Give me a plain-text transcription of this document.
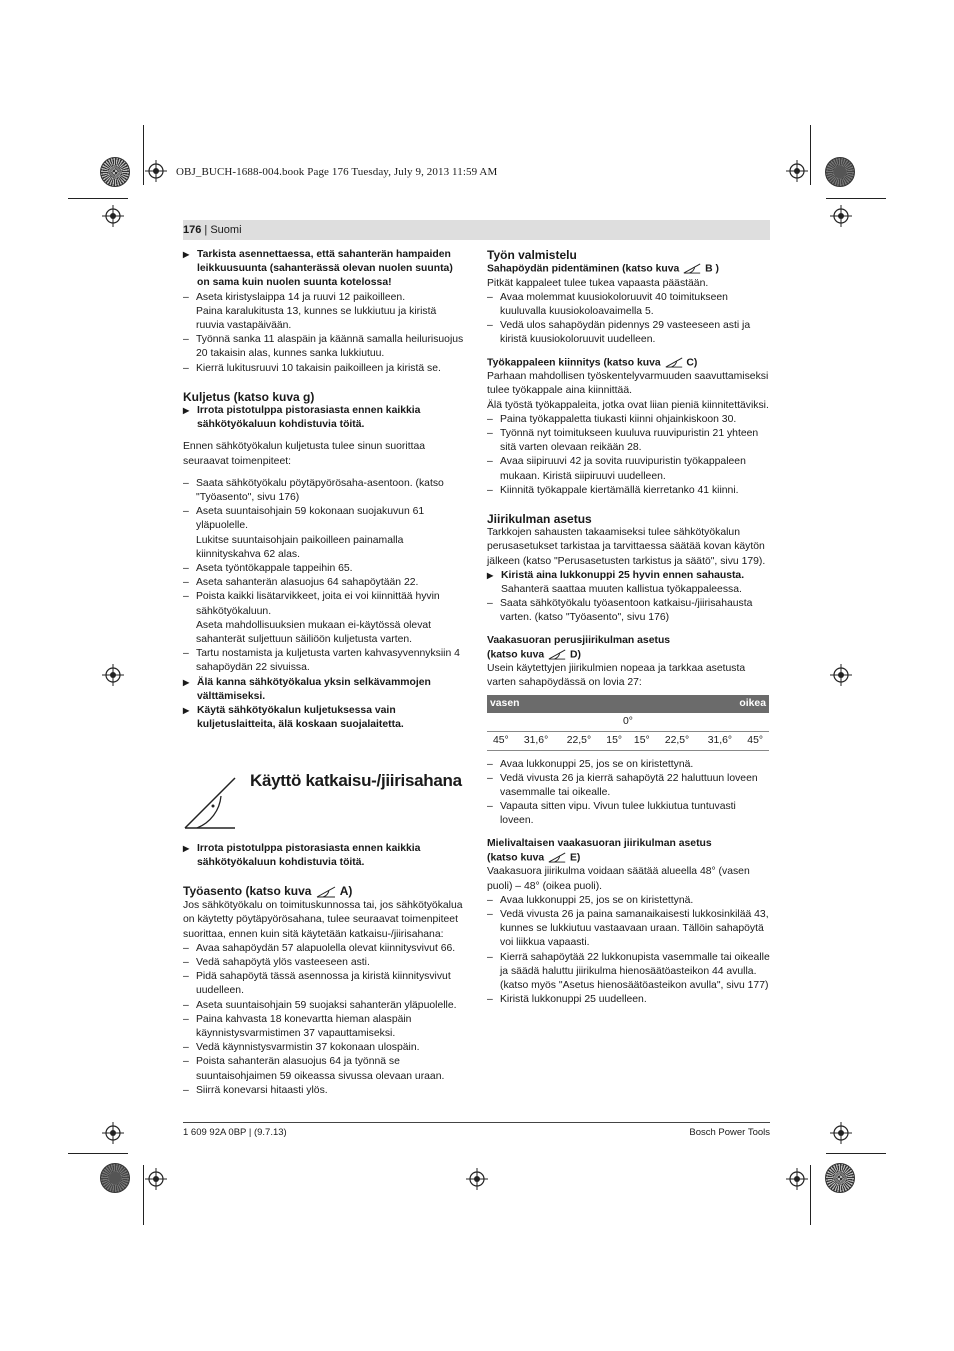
OBJ_BUCH-1688-004.book Page 176 Tuesday, July 9, 2013 11:59 AM
176 | Suomi

▶ Tarkista asennettaessa, että sahanterän hampaiden leikkuusuunta (sahanterässä olevan nuolen suunta) on sama kuin nuolen suunta kotelossa!

– Aseta kiristyslaippa 14 ja ruuvi 12 paikoilleen.

Paina karalukitusta 13, kunnes se lukkiutuu ja kiristä ruuvia vastapäivään.

– Työnnä sanka 11 alaspäin ja käännä samalla heilurisuojus 20 takaisin alas, kunnes sanka lukkiutuu.

– Kierrä lukitusruuvi 10 takaisin paikoilleen ja kiristä se.

Kuljetus (katso kuva g)

▶ Irrota pistotulppa pistorasiasta ennen kaikkia sähkötyökaluun kohdistuvia töitä.

Ennen sähkötyökalun kuljetusta tulee sinun suorittaa seuraavat toimenpiteet:

– Saata sähkötyökalu pöytäpyörösaha-asentoon. (katso "Työasento", sivu 176)

– Aseta suuntaisohjain 59 kokonaan suojakuvun 61 yläpuolelle.

Lukitse suuntaisohjain paikoilleen painamalla kiinnityskahva 62 alas.

– Aseta työntökappale tappeihin 65.

– Aseta sahanterän alasuojus 64 sahapöytään 22.

– Poista kaikki lisätarvikkeet, joita ei voi kiinnittää hyvin sähkötyökaluun.

Aseta mahdollisuuksien mukaan ei-käytössä olevat sahanterät suljettuun säiliöön kuljetusta varten.

– Tartu nostamista ja kuljetusta varten kahvasyvennyksiin 4 sahapöydän 22 sivuissa.

▶ Älä kanna sähkötyökalua yksin selkävammojen välttämiseksi.

▶ Käytä sähkötyökalun kuljetuksessa vain kuljetuslaitteita, älä koskaan suojalaitetta.

Käyttö katkaisu-/jiirisahana

▶ Irrota pistotulppa pistorasiasta ennen kaikkia sähkötyökaluun kohdistuvia töitä.

Työasento (katso kuva A)

Jos sähkötyökalu on toimituskunnossa tai, jos sähkötyökalua on käytetty pöytäpyörösahana, tulee seuraavat toimenpiteet suorittaa, ennen kuin sitä käytetään katkaisu-/jiirisahana:

– Avaa sahapöydän 57 alapuolella olevat kiinnitysvivut 66.

– Vedä sahapöytä ylös vasteeseen asti.

– Pidä sahapöytä tässä asennossa ja kiristä kiinnitysvivut uudelleen.

– Aseta suuntaisohjain 59 suojaksi sahanterän yläpuolelle.

– Paina kahvasta 18 konevartta hieman alaspäin käynnistysvarmistimen 37 vapauttamiseksi.

– Vedä käynnistysvarmistin 37 kokonaan ulospäin.

– Poista sahanterän alasuojus 64 ja työnnä se suuntaisohjaimen 59 oikeassa sivussa olevaan uraan.

– Siirrä konevarsi hitaasti ylös.

Työn valmistelu

Sahapöydän pidentäminen (katso kuva B )

Pitkät kappaleet tulee tukea vapaasta päästään.

– Avaa molemmat kuusiokoloruuvit 40 toimitukseen kuuluvalla kuusiokoloavaimella 5.

– Vedä ulos sahapöydän pidennys 29 vasteeseen asti ja kiristä kuusiokoloruuvit uudelleen.

Työkappaleen kiinnitys (katso kuva C)

Parhaan mahdollisen työskentelyvarmuuden saavuttamiseksi tulee työkappale aina kiinnittää.

Älä työstä työkappaleita, jotka ovat liian pieniä kiinnitettäviksi.

– Paina työkappaletta tiukasti kiinni ohjainkiskoon 30.

– Työnnä nyt toimitukseen kuuluva ruuvipuristin 21 yhteen sitä varten olevaan reikään 28.

– Avaa siipiruuvi 42 ja sovita ruuvipuristin työkappaleen mukaan. Kiristä siipiruuvi uudelleen.

– Kiinnitä työkappale kiertämällä kierretanko 41 kiinni.

Jiirikulman asetus

Tarkkojen sahausten takaamiseksi tulee sähkötyökalun perusasetukset tarkistaa ja tarvittaessa säätää kovan käytön jälkeen (katso "Perusasetusten tarkistus ja säätö", sivu 179).

▶ Kiristä aina lukkonuppi 25 hyvin ennen sahausta. Sahanterä saattaa muuten kallistua työkappaleessa.

– Saata sähkötyökalu työasentoon katkaisu-/jiirisahausta varten. (katso "Työasento", sivu 176)

Vaakasuoran perusjiirikulman asetus

(katso kuva D)

Usein käytettyjen jiirikulmien nopeaa ja tarkkaa asetusta varten sahapöydässä on lovia 27:

vasen				oikea			
0°							
45°	31,6°	22,5°	15°	15°	22,5°	31,6°	45°

– Avaa lukkonuppi 25, jos se on kiristettynä.

– Vedä vivusta 26 ja kierrä sahapöytä 22 haluttuun loveen vasemmalle tai oikealle.

– Vapauta sitten vipu. Vivun tulee lukkiutua tuntuvasti loveen.

Mielivaltaisen vaakasuoran jiirikulman asetus

(katso kuva E)

Vaakasuora jiirikulma voidaan säätää alueella 48° (vasen puoli) – 48° (oikea puoli).

– Avaa lukkonuppi 25, jos se on kiristettynä.

– Vedä vivusta 26 ja paina samanaikaisesti lukkosinkilää 43, kunnes se lukkiutuu vastaavaan uraan. Tällöin sahapöytä voi liikkua vapaasti.

– Kierrä sahapöytää 22 lukkonupista vasemmalle tai oikealle ja säädä haluttu jiirikulma hienosäätöasteikon 44 avulla. (katso myös "Asetus hienosäätöasteikon avulla", sivu 177)

– Kiristä lukkonuppi 25 uudelleen.

1 609 92A 0BP | (9.7.13)	Bosch Power Tools
